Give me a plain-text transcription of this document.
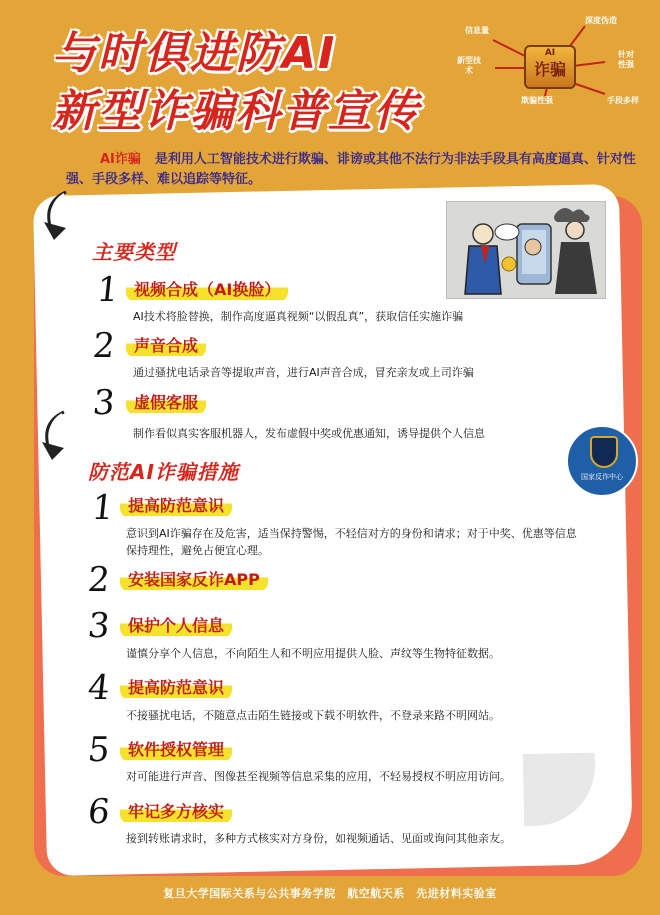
与时俱进防AI
新型诈骗科普宣传
AI
诈骗
信息量
深度伪造
新型技术
针对性强
欺骗性强	手段多样
AI诈骗 是利用人工智能技术进行欺骗、诽谤或其他不法行为非法手段具有高度逼真、针对性强、手段多样、难以追踪等特征。
主要类型
1 视频合成（AI换脸）
AI技术将脸替换，制作高度逼真视频“以假乱真”，获取信任实施诈骗
2	声音合成
通过骚扰电话录音等提取声音，进行AI声音合成，冒充亲友或上司诈骗
3	虚假客服
制作看似真实客服机器人，发布虚假中奖或优惠通知，诱导提供个人信息
国家反诈中心
防范AI诈骗措施
1 提高防范意识
意识到AI诈骗存在及危害，适当保持警惕，不轻信对方的身份和请求；对于中奖、优惠等信息保持理性，避免占便宜心理。
2	安装国家反诈APP
3	保护个人信息
谨慎分享个人信息，不向陌生人和不明应用提供人脸、声纹等生物特征数据。
4	提高防范意识
不接骚扰电话，不随意点击陌生链接或下载不明软件，不登录来路不明网站。
5	软件授权管理
对可能进行声音、图像甚至视频等信息采集的应用，不轻易授权不明应用访问。
6	牢记多方核实
接到转账请求时，多种方式核实对方身份，如视频通话、见面或询问其他亲友。
复旦大学国际关系与公共事务学院　航空航天系　先进材料实验室
